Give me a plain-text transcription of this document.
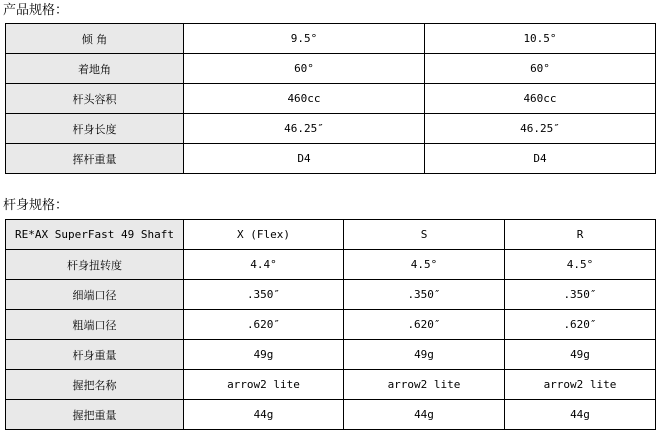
产品规格：
倾 角	9.5°	10.5°
着地角	60°	60°
杆头容积	460cc	460cc
杆身长度	46.25″	46.25″
挥杆重量	D4	D4
杆身规格：
RE*AX SuperFast 49 Shaft	X (Flex)	S	R
杆身扭转度	4.4°	4.5°	4.5°
细端口径	.350″	.350″	.350″
粗端口径	.620″	.620″	.620″
杆身重量	49g	49g	49g
握把名称	arrow2 lite	arrow2 lite	arrow2 lite
握把重量	44g	44g	44g
